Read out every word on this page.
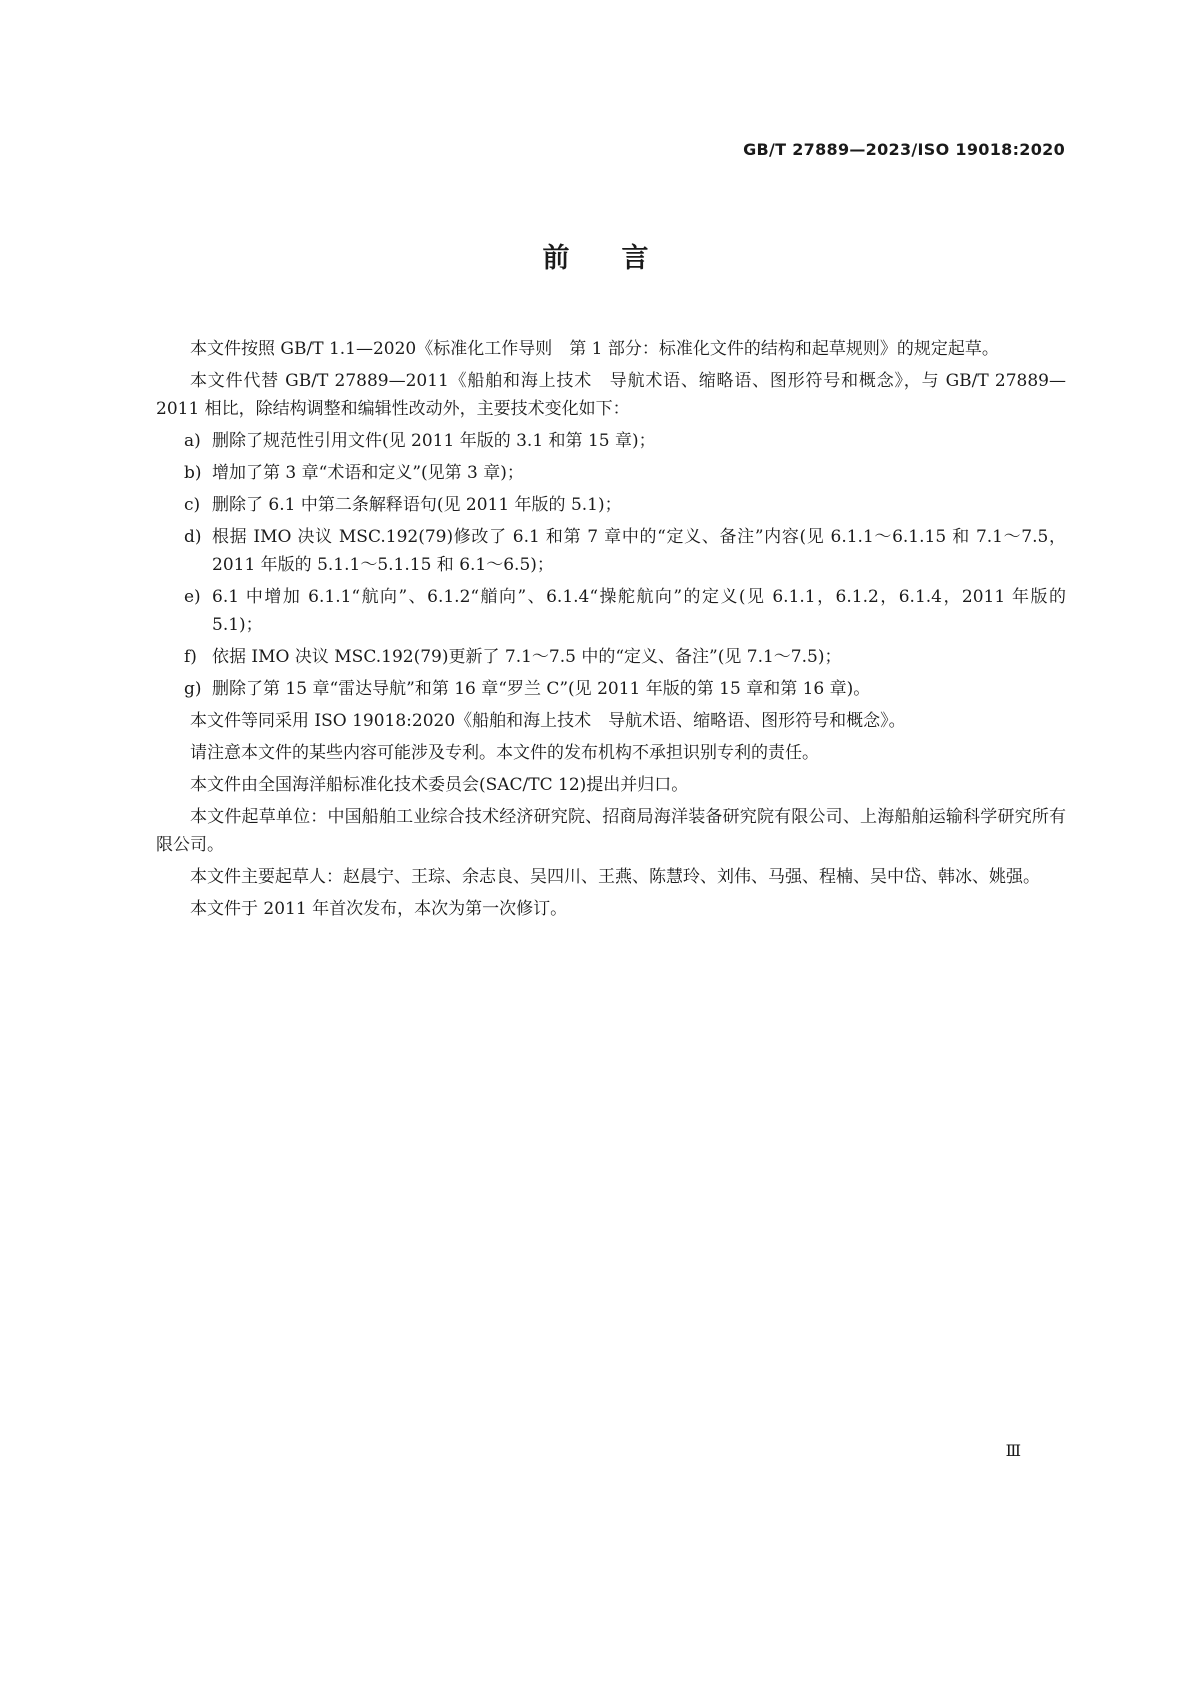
GB/T 27889—2023/ISO 19018:2020
前言

本文件按照 GB/T 1.1—2020《标准化工作导则　第 1 部分：标准化文件的结构和起草规则》的规定起草。

本文件代替 GB/T 27889—2011《船舶和海上技术　导航术语、缩略语、图形符号和概念》，与 GB/T 27889—2011 相比，除结构调整和编辑性改动外，主要技术变化如下：

a) 删除了规范性引用文件(见 2011 年版的 3.1 和第 15 章)；
b) 增加了第 3 章“术语和定义”(见第 3 章)；
c) 删除了 6.1 中第二条解释语句(见 2011 年版的 5.1)；
d) 根据 IMO 决议 MSC.192(79)修改了 6.1 和第 7 章中的“定义、备注”内容(见 6.1.1～6.1.15 和 7.1～7.5，2011 年版的 5.1.1～5.1.15 和 6.1～6.5)；
e) 6.1 中增加 6.1.1“航向”、6.1.2“艏向”、6.1.4“操舵航向”的定义(见 6.1.1，6.1.2，6.1.4，2011 年版的 5.1)；
f) 依据 IMO 决议 MSC.192(79)更新了 7.1～7.5 中的“定义、备注”(见 7.1～7.5)；
g) 删除了第 15 章“雷达导航”和第 16 章“罗兰 C”(见 2011 年版的第 15 章和第 16 章)。

本文件等同采用 ISO 19018:2020《船舶和海上技术　导航术语、缩略语、图形符号和概念》。

请注意本文件的某些内容可能涉及专利。本文件的发布机构不承担识别专利的责任。

本文件由全国海洋船标准化技术委员会(SAC/TC 12)提出并归口。

本文件起草单位：中国船舶工业综合技术经济研究院、招商局海洋装备研究院有限公司、上海船舶运输科学研究所有限公司。

本文件主要起草人：赵晨宁、王琮、余志良、吴四川、王燕、陈慧玲、刘伟、马强、程楠、吴中岱、韩冰、姚强。

本文件于 2011 年首次发布，本次为第一次修订。

Ⅲ
